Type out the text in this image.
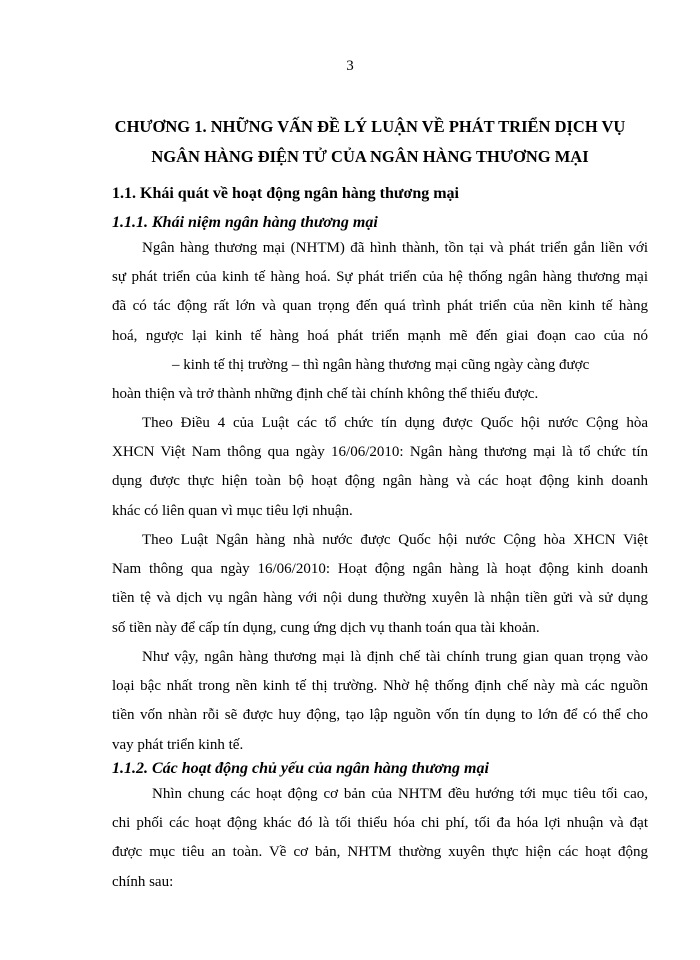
3
CHƯƠNG 1. NHỮNG VẤN ĐỀ LÝ LUẬN VỀ PHÁT TRIỂN DỊCH VỤ
NGÂN HÀNG ĐIỆN TỬ CỦA NGÂN HÀNG THƯƠNG MẠI
1.1. Khái quát về hoạt động ngân hàng thương mại
1.1.1. Khái niệm ngân hàng thương mại
Ngân hàng thương mại (NHTM) đã hình thành, tồn tại và phát triển gắn liền với
sự phát triển của kinh tế hàng hoá. Sự phát triển của hệ thống ngân hàng thương mại
đã có tác động rất lớn và quan trọng đến quá trình phát triển của nền kinh tế hàng
hoá, ngược lại kinh tế hàng hoá phát triển mạnh mẽ đến giai đoạn cao của nó
– kinh tế thị trường – thì ngân hàng thương mại cũng ngày càng được
hoàn thiện và trở thành những định chế tài chính không thể thiếu được.
Theo Điều 4 của Luật các tổ chức tín dụng được Quốc hội nước Cộng hòa
XHCN Việt Nam thông qua ngày 16/06/2010: Ngân hàng thương mại là tổ chức tín
dụng được thực hiện toàn bộ hoạt động ngân hàng và các hoạt động kinh doanh
khác có liên quan vì mục tiêu lợi nhuận.
Theo Luật Ngân hàng nhà nước được Quốc hội nước Cộng hòa XHCN Việt
Nam thông qua ngày 16/06/2010: Hoạt động ngân hàng là hoạt động kinh doanh
tiền tệ và dịch vụ ngân hàng với nội dung thường xuyên là nhận tiền gửi và sử dụng
số tiền này để cấp tín dụng, cung ứng dịch vụ thanh toán qua tài khoản.
Như vậy, ngân hàng thương mại là định chế tài chính trung gian quan trọng vào
loại bậc nhất trong nền kinh tế thị trường. Nhờ hệ thống định chế này mà các nguồn
tiền vốn nhàn rỗi sẽ được huy động, tạo lập nguồn vốn tín dụng to lớn để có thể cho
vay phát triển kinh tế.
1.1.2. Các hoạt động chủ yếu của ngân hàng thương mại
Nhìn chung các hoạt động cơ bản của NHTM đều hướng tới mục tiêu tối cao,
chi phối các hoạt động khác đó là tối thiểu hóa chi phí, tối đa hóa lợi nhuận và đạt
được mục tiêu an toàn. Về cơ bản, NHTM thường xuyên thực hiện các hoạt động
chính sau:
